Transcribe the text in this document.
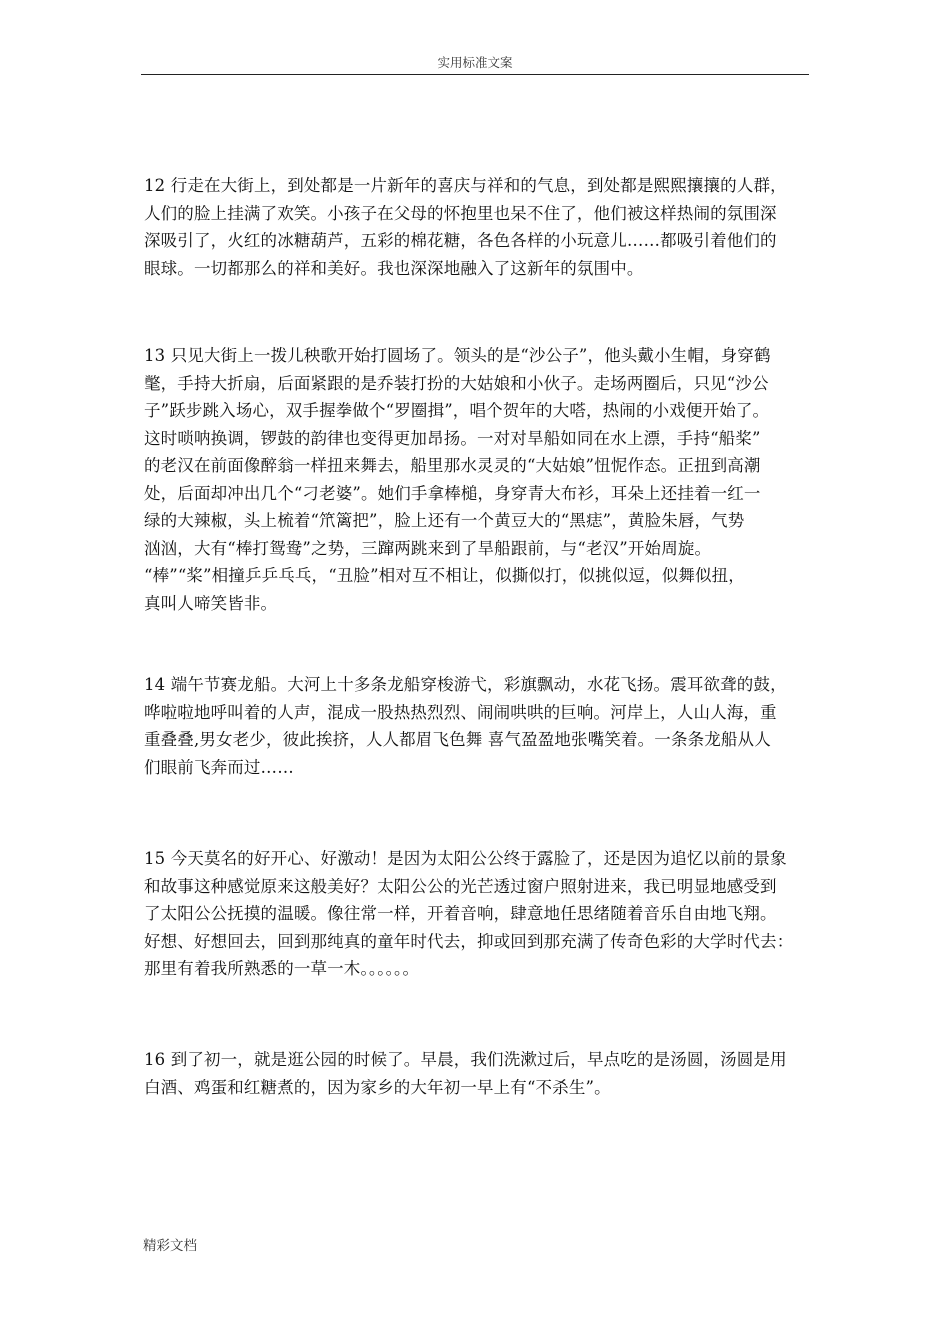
实用标准文案

12 行走在大街上，到处都是一片新年的喜庆与祥和的气息，到处都是熙熙攘攘的人群，
人们的脸上挂满了欢笑。小孩子在父母的怀抱里也呆不住了，他们被这样热闹的氛围深
深吸引了，火红的冰糖葫芦，五彩的棉花糖，各色各样的小玩意儿……都吸引着他们的
眼球。一切都那么的祥和美好。我也深深地融入了这新年的氛围中。

13 只见大街上一拨儿秧歌开始打圆场了。领头的是“沙公子”，他头戴小生帽，身穿鹤
氅，手持大折扇，后面紧跟的是乔装打扮的大姑娘和小伙子。走场两圈后，只见“沙公
子”跃步跳入场心，双手握拳做个“罗圈揖”，唱个贺年的大嗒，热闹的小戏便开始了。
这时唢呐换调，锣鼓的韵律也变得更加昂扬。一对对旱船如同在水上漂，手持“船桨”
的老汉在前面像醉翁一样扭来舞去，船里那水灵灵的“大姑娘”忸怩作态。正扭到高潮
处，后面却冲出几个“刁老婆”。她们手拿棒槌，身穿青大布衫，耳朵上还挂着一红一
绿的大辣椒，头上梳着“笊篱把”，脸上还有一个黄豆大的“黑痣”，黄脸朱唇，气势
汹汹，大有“棒打鸳鸯”之势，三蹿两跳来到了旱船跟前，与“老汉”开始周旋。
“棒”“桨”相撞乒乒乓乓，“丑脸”相对互不相让，似撕似打，似挑似逗，似舞似扭，
真叫人啼笑皆非。

14 端午节赛龙船。大河上十多条龙船穿梭游弋，彩旗飘动，水花飞扬。震耳欲聋的鼓，
哗啦啦地呼叫着的人声，混成一股热热烈烈、闹闹哄哄的巨响。河岸上，人山人海，重
重叠叠,男女老少，彼此挨挤，人人都眉飞色舞 喜气盈盈地张嘴笑着。一条条龙船从人
们眼前飞奔而过……

15 今天莫名的好开心、好激动！是因为太阳公公终于露脸了，还是因为追忆以前的景象
和故事这种感觉原来这般美好？太阳公公的光芒透过窗户照射进来，我已明显地感受到
了太阳公公抚摸的温暖。像往常一样，开着音响，肆意地任思绪随着音乐自由地飞翔。
好想、好想回去，回到那纯真的童年时代去，抑或回到那充满了传奇色彩的大学时代去：
那里有着我所熟悉的一草一木。。。。。。

16 到了初一，就是逛公园的时候了。早晨，我们洗漱过后，早点吃的是汤圆，汤圆是用
白酒、鸡蛋和红糖煮的，因为家乡的大年初一早上有“不杀生”。

精彩文档
